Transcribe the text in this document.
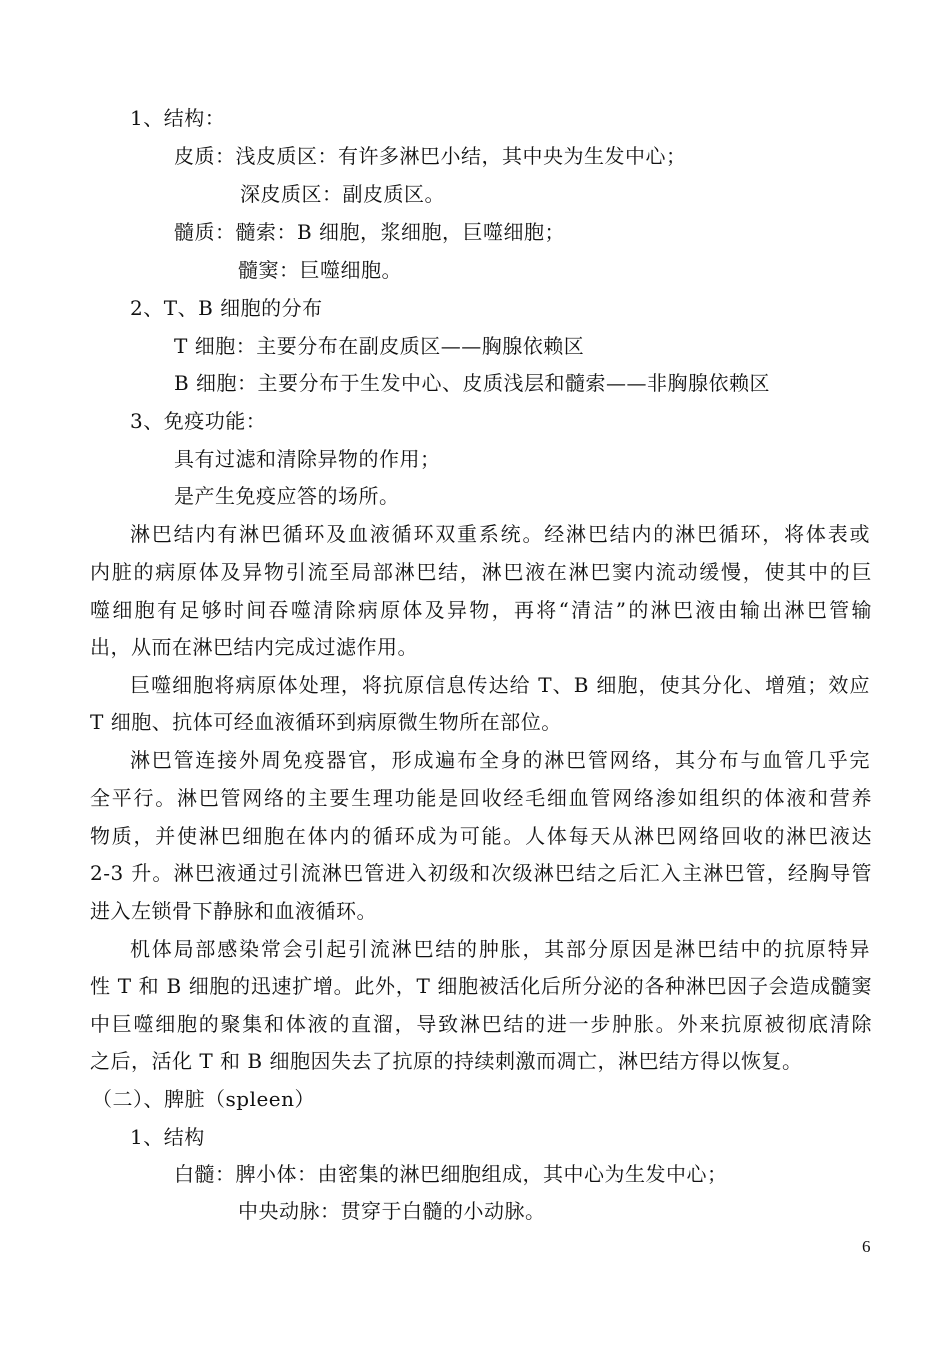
1、结构：
皮质：浅皮质区：有许多淋巴小结，其中央为生发中心；
深皮质区：副皮质区。
髓质：髓索：B 细胞，浆细胞，巨噬细胞；
髓窦：巨噬细胞。
2、T、B 细胞的分布
T 细胞：主要分布在副皮质区——胸腺依赖区
B 细胞：主要分布于生发中心、皮质浅层和髓索——非胸腺依赖区
3、免疫功能：
具有过滤和清除异物的作用；
是产生免疫应答的场所。
淋巴结内有淋巴循环及血液循环双重系统。经淋巴结内的淋巴循环，将体表或
内脏的病原体及异物引流至局部淋巴结，淋巴液在淋巴窦内流动缓慢，使其中的巨
噬细胞有足够时间吞噬清除病原体及异物，再将“清洁”的淋巴液由输出淋巴管输
出，从而在淋巴结内完成过滤作用。
巨噬细胞将病原体处理，将抗原信息传达给 T、B 细胞，使其分化、增殖；效应
T 细胞、抗体可经血液循环到病原微生物所在部位。
淋巴管连接外周免疫器官，形成遍布全身的淋巴管网络，其分布与血管几乎完
全平行。淋巴管网络的主要生理功能是回收经毛细血管网络渗如组织的体液和营养
物质，并使淋巴细胞在体内的循环成为可能。人体每天从淋巴网络回收的淋巴液达
2-3 升。淋巴液通过引流淋巴管进入初级和次级淋巴结之后汇入主淋巴管，经胸导管
进入左锁骨下静脉和血液循环。
机体局部感染常会引起引流淋巴结的肿胀，其部分原因是淋巴结中的抗原特异
性 T 和 B 细胞的迅速扩增。此外，T 细胞被活化后所分泌的各种淋巴因子会造成髓窦
中巨噬细胞的聚集和体液的直溜，导致淋巴结的进一步肿胀。外来抗原被彻底清除
之后，活化 T 和 B 细胞因失去了抗原的持续刺激而凋亡，淋巴结方得以恢复。
（二）、脾脏（spleen）
1、结构
白髓：脾小体：由密集的淋巴细胞组成，其中心为生发中心；
中央动脉：贯穿于白髓的小动脉。
6
